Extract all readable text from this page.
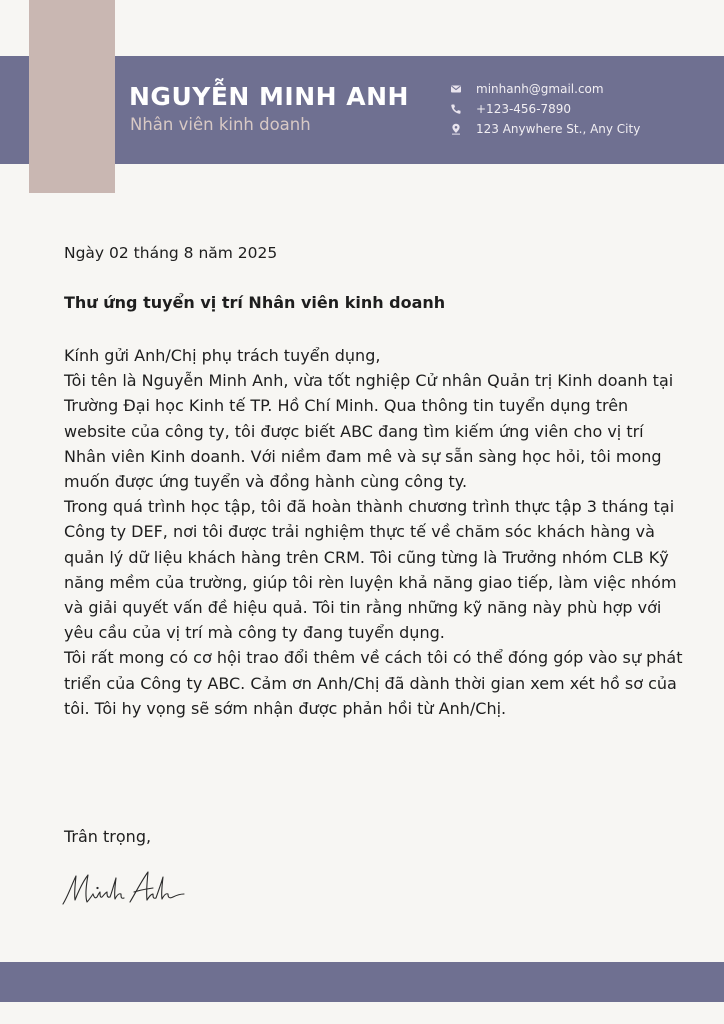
NGUYỄN MINH ANH
Nhân viên kinh doanh
minhanh@gmail.com
+123-456-7890
123 Anywhere St., Any City
Ngày 02 tháng 8 năm 2025
Thư ứng tuyển vị trí Nhân viên kinh doanh

Kính gửi Anh/Chị phụ trách tuyển dụng,

Tôi tên là Nguyễn Minh Anh, vừa tốt nghiệp Cử nhân Quản trị Kinh doanh tại Trường Đại học Kinh tế TP. Hồ Chí Minh. Qua thông tin tuyển dụng trên website của công ty, tôi được biết ABC đang tìm kiếm ứng viên cho vị trí Nhân viên Kinh doanh. Với niềm đam mê và sự sẵn sàng học hỏi, tôi mong muốn được ứng tuyển và đồng hành cùng công ty.

Trong quá trình học tập, tôi đã hoàn thành chương trình thực tập 3 tháng tại Công ty DEF, nơi tôi được trải nghiệm thực tế về chăm sóc khách hàng và quản lý dữ liệu khách hàng trên CRM. Tôi cũng từng là Trưởng nhóm CLB Kỹ năng mềm của trường, giúp tôi rèn luyện khả năng giao tiếp, làm việc nhóm và giải quyết vấn đề hiệu quả. Tôi tin rằng những kỹ năng này phù hợp với yêu cầu của vị trí mà công ty đang tuyển dụng.

Tôi rất mong có cơ hội trao đổi thêm về cách tôi có thể đóng góp vào sự phát triển của Công ty ABC. Cảm ơn Anh/Chị đã dành thời gian xem xét hồ sơ của tôi. Tôi hy vọng sẽ sớm nhận được phản hồi từ Anh/Chị.

Trân trọng,
